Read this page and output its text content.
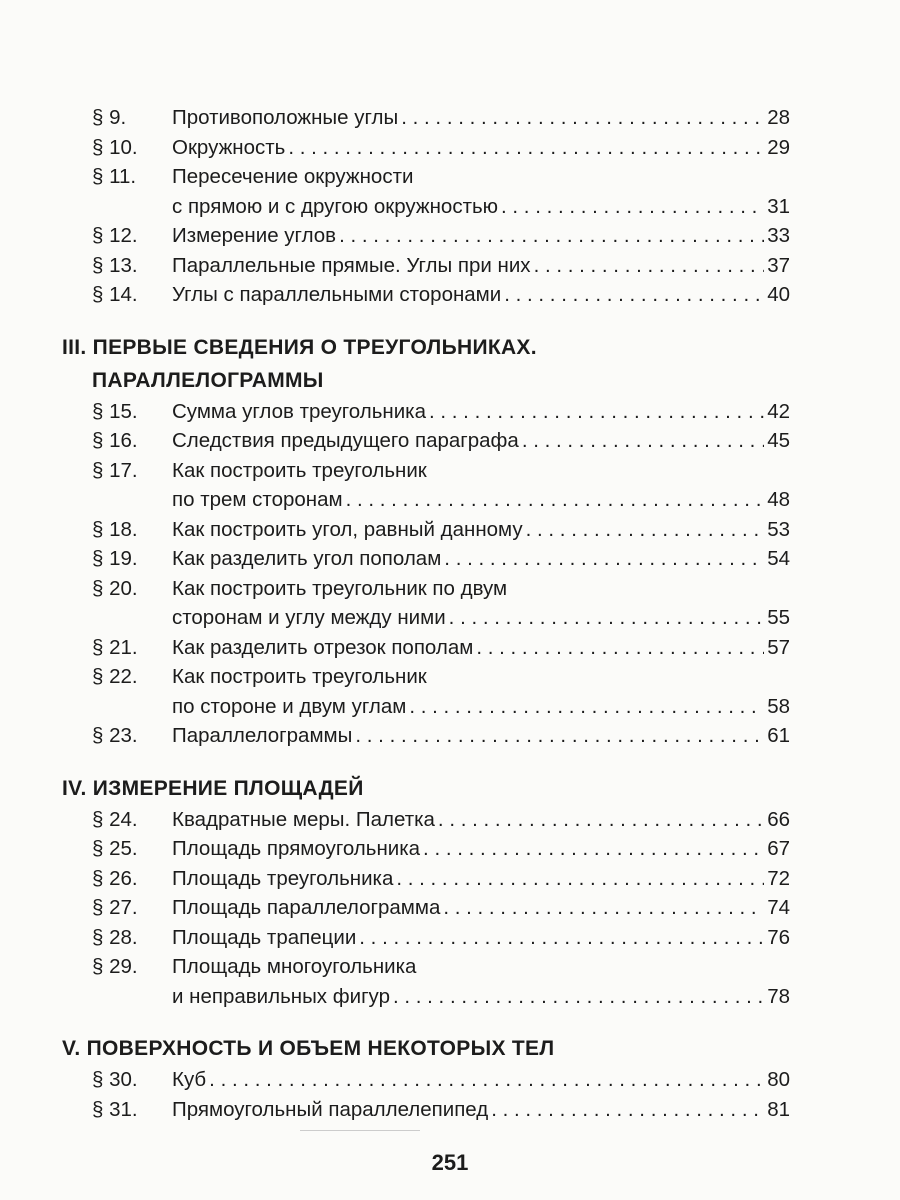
§ 9.	Противоположные углы . . .	28
§ 10.	Окружность . . .	29
§ 11.	Пересечение окружности
с прямою и с другою окружностью . . .	31
§ 12.	Измерение углов . . .	33
§ 13.	Параллельные прямые. Углы при них . . .	37
§ 14.	Углы с параллельными сторонами . . .	40
III. ПЕРВЫЕ СВЕДЕНИЯ О ТРЕУГОЛЬНИКАХ.
ПАРАЛЛЕЛОГРАММЫ
§ 15.	Сумма углов треугольника . . .	42
§ 16.	Следствия предыдущего параграфа . . .	45
§ 17.	Как построить треугольник
по трем сторонам . . .	48
§ 18.	Как построить угол, равный данному . . .	53
§ 19.	Как разделить угол пополам . . .	54
§ 20.	Как построить треугольник по двум
сторонам и углу между ними . . .	55
§ 21.	Как разделить отрезок пополам . . .	57
§ 22.	Как построить треугольник
по стороне и двум углам . . .	58
§ 23.	Параллелограммы . . .	61
IV. ИЗМЕРЕНИЕ ПЛОЩАДЕЙ
§ 24.	Квадратные меры. Палетка . . .	66
§ 25.	Площадь прямоугольника . . .	67
§ 26.	Площадь треугольника . . .	72
§ 27.	Площадь параллелограмма . . .	74
§ 28.	Площадь трапеции . . .	76
§ 29.	Площадь многоугольника
и неправильных фигур . . .	78
V. ПОВЕРХНОСТЬ И ОБЪЕМ НЕКОТОРЫХ ТЕЛ
§ 30.	Куб . . .	80
§ 31.	Прямоугольный параллелепипед . . .	81
251
